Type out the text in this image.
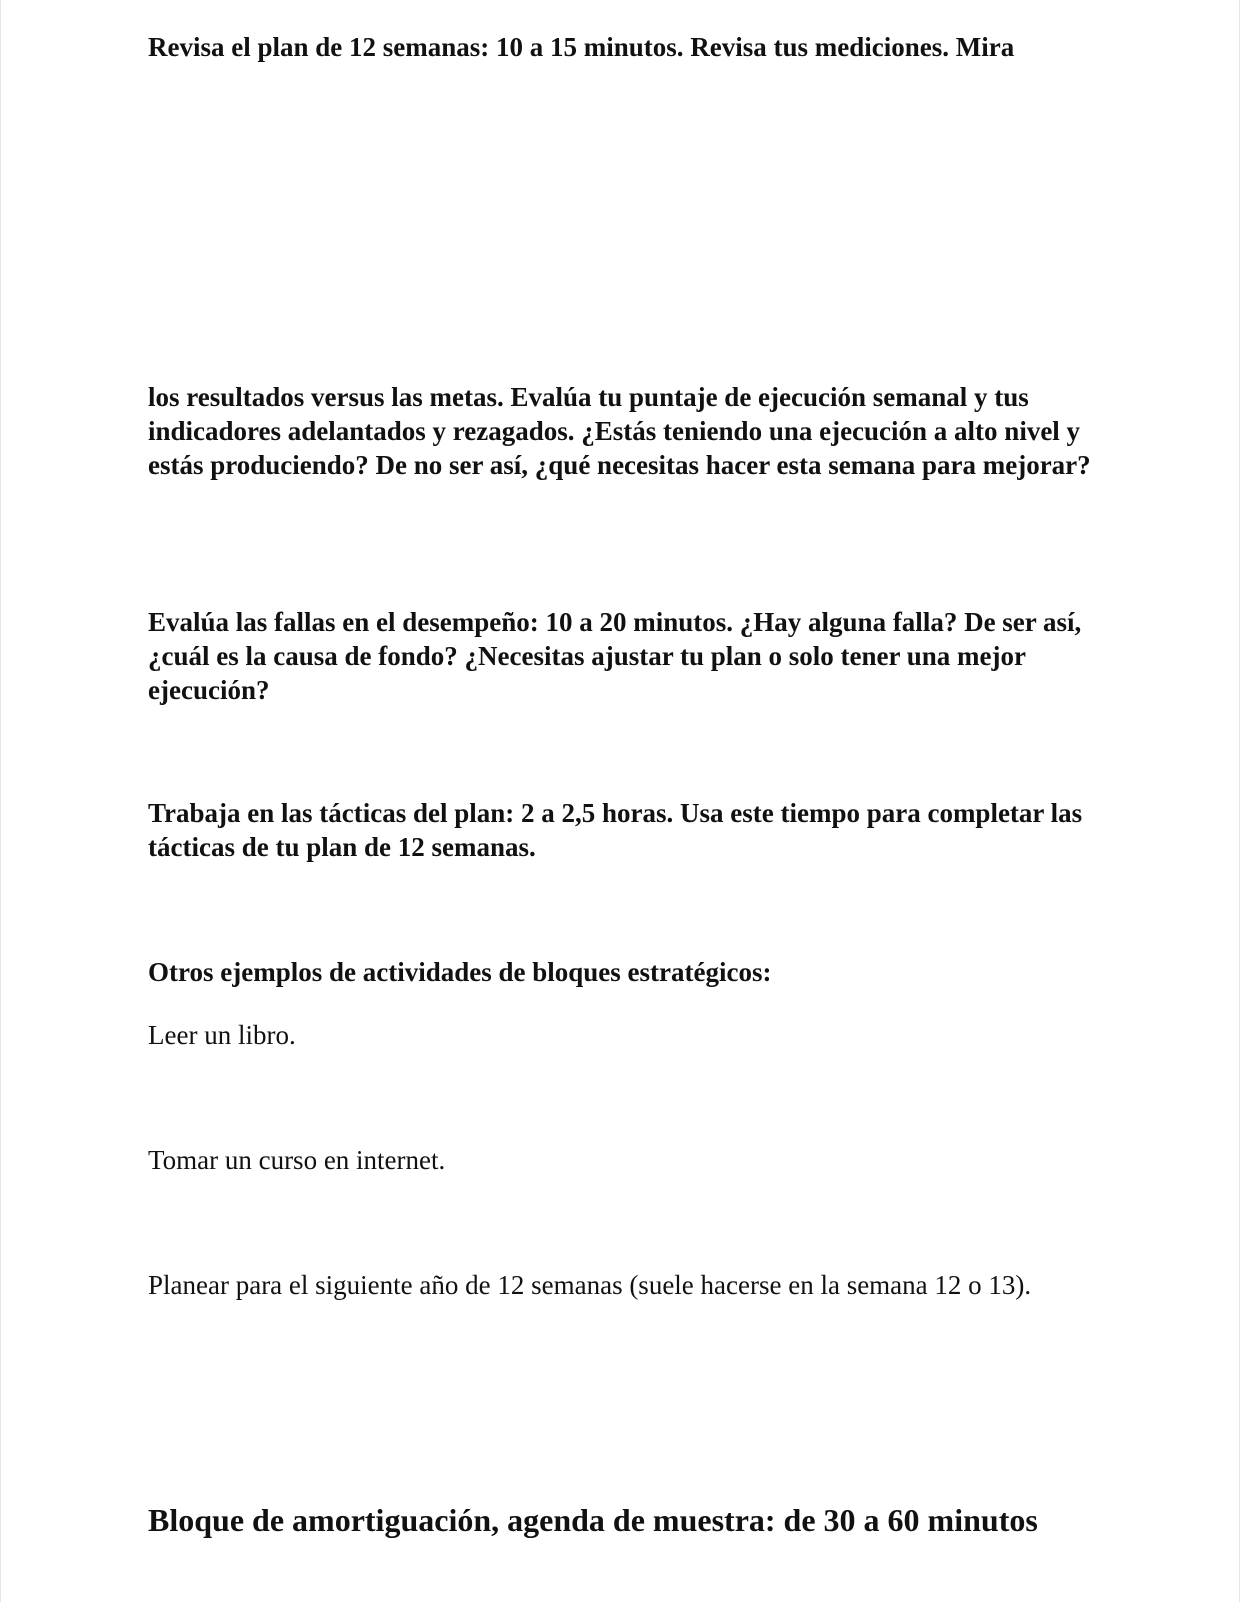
Revisa el plan de 12 semanas: 10 a 15 minutos. Revisa tus mediciones. Mira

los resultados versus las metas. Evalúa tu puntaje de ejecución semanal y tus indicadores adelantados y rezagados. ¿Estás teniendo una ejecución a alto nivel y estás produciendo? De no ser así, ¿qué necesitas hacer esta semana para mejorar?

Evalúa las fallas en el desempeño: 10 a 20 minutos. ¿Hay alguna falla? De ser así, ¿cuál es la causa de fondo? ¿Necesitas ajustar tu plan o solo tener una mejor ejecución?

Trabaja en las tácticas del plan: 2 a 2,5 horas. Usa este tiempo para completar las tácticas de tu plan de 12 semanas.

Otros ejemplos de actividades de bloques estratégicos:

Leer un libro.

Tomar un curso en internet.

Planear para el siguiente año de 12 semanas (suele hacerse en la semana 12 o 13).

Bloque de amortiguación, agenda de muestra: de 30 a 60 minutos
